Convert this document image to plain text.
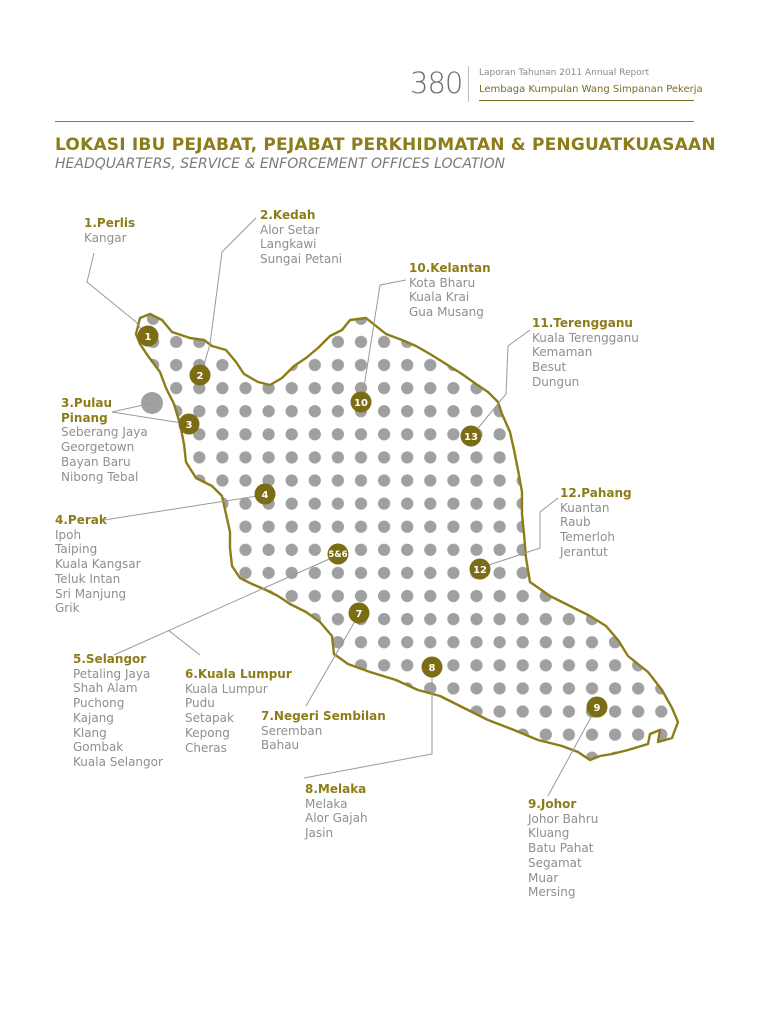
380 Laporan Tahunan 2011 Annual Report
Lembaga Kumpulan Wang Simpanan Pekerja
LOKASI IBU PEJABAT, PEJABAT PERKHIDMATAN & PENGUATKUASAAN
HEADQUARTERS, SERVICE & ENFORCEMENT OFFICES LOCATION
1
2
3
4
5&6
7
8
9
10
12
13
1.Perlis
Kangar
2.Kedah
Alor Setar
Langkawi
Sungai Petani
3.Pulau
Pinang
Seberang Jaya
Georgetown
Bayan Baru
Nibong Tebal
4.Perak
Ipoh
Taiping
Kuala Kangsar
Teluk Intan
Sri Manjung
Grik
5.Selangor
Petaling Jaya
Shah Alam
Puchong
Kajang
Klang
Gombak
Kuala Selangor
6.Kuala Lumpur
Kuala Lumpur
Pudu
Setapak
Kepong
Cheras
7.Negeri Sembilan
Seremban
Bahau
8.Melaka
Melaka
Alor Gajah
Jasin
9.Johor
Johor Bahru
Kluang
Batu Pahat
Segamat
Muar
Mersing
10.Kelantan
Kota Bharu
Kuala Krai
Gua Musang
11.Terengganu
Kuala Terengganu
Kemaman
Besut
Dungun
12.Pahang
Kuantan
Raub
Temerloh
Jerantut
